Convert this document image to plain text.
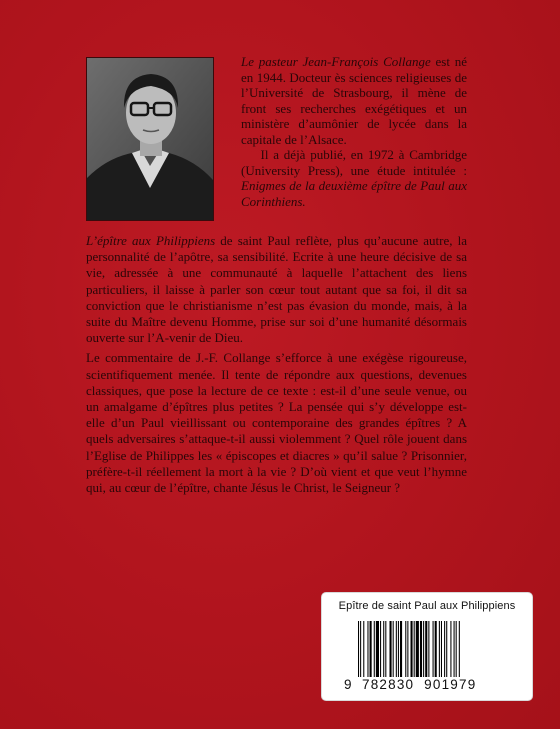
Le pasteur Jean-François Collange est né en 1944. Docteur ès sciences religieuses de l’Université de Strasbourg, il mène de front ses recherches exégétiques et un ministère d’aumônier de lycée dans la capitale de l’Alsace.

  Il a déjà publié, en 1972 à Cambridge (University Press), une étude intitulée : Enigmes de la deuxième épître de Paul aux Corinthiens.

L’épître aux Philippiens de saint Paul reflète, plus qu’aucune autre, la personnalité de l’apôtre, sa sensibilité. Ecrite à une heure décisive de sa vie, adressée à une communauté à laquelle l’attachent des liens particuliers, il laisse à parler son cœur tout autant que sa foi, il dit sa conviction que le christianisme n’est pas évasion du monde, mais, à la suite du Maître devenu Homme, prise sur soi d’une humanité désormais ouverte sur l’A-venir de Dieu.

Le commentaire de J.-F. Collange s’efforce à une exégèse rigoureuse, scientifiquement menée. Il tente de répondre aux questions, devenues classiques, que pose la lecture de ce texte : est-il d’une seule venue, ou un amalgame d’épîtres plus petites ? La pensée qui s’y développe est-elle d’un Paul vieillissant ou contemporaine des grandes épîtres ? A quels adversaires s’attaque-t-il aussi violemment ? Quel rôle jouent dans l’Eglise de Philippes les « épiscopes et diacres » qu’il salue ? Prisonnier, préfère-t-il réellement la mort à la vie ? D’où vient et que veut l’hymne qui, au cœur de l’épître, chante Jésus le Christ, le Seigneur ?

Epître de saint Paul aux Philippiens
9 782830  901979
